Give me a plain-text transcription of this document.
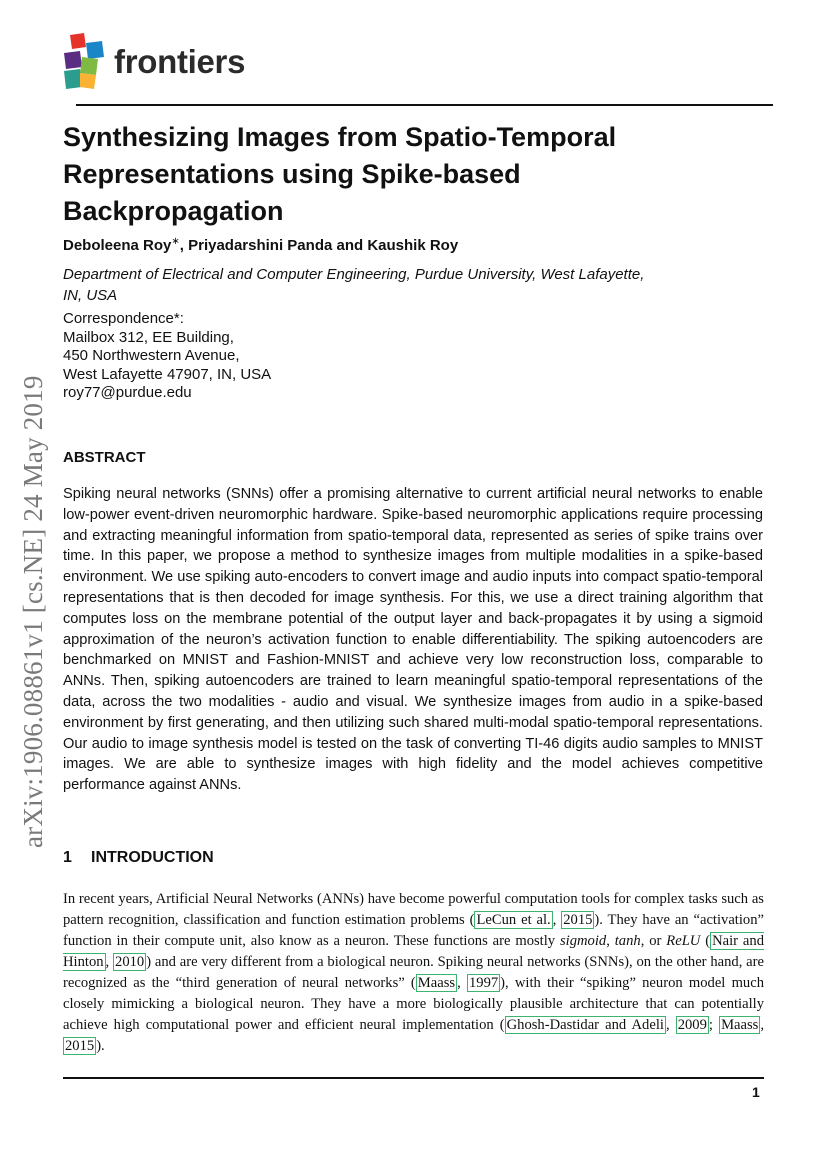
frontiers
Synthesizing Images from Spatio-Temporal Representations using Spike-based Backpropagation
Deboleena Roy∗, Priyadarshini Panda and Kaushik Roy
Department of Electrical and Computer Engineering, Purdue University, West Lafayette, IN, USA
Correspondence*:
Mailbox 312, EE Building,
450 Northwestern Avenue,
West Lafayette 47907, IN, USA
roy77@purdue.edu
arXiv:1906.08861v1 [cs.NE] 24 May 2019 ABSTRACT
Spiking neural networks (SNNs) offer a promising alternative to current artificial neural networks to enable low-power event-driven neuromorphic hardware. Spike-based neuromorphic applications require processing and extracting meaningful information from spatio-temporal data, represented as series of spike trains over time. In this paper, we propose a method to synthesize images from multiple modalities in a spike-based environment. We use spiking auto-encoders to convert image and audio inputs into compact spatio-temporal representations that is then decoded for image synthesis. For this, we use a direct training algorithm that computes loss on the membrane potential of the output layer and back-propagates it by using a sigmoid approximation of the neuron’s activation function to enable differentiability. The spiking autoencoders are benchmarked on MNIST and Fashion-MNIST and achieve very low reconstruction loss, comparable to ANNs. Then, spiking autoencoders are trained to learn meaningful spatio-temporal representations of the data, across the two modalities - audio and visual. We synthesize images from audio in a spike-based environment by first generating, and then utilizing such shared multi-modal spatio-temporal representations. Our audio to image synthesis model is tested on the task of converting TI-46 digits audio samples to MNIST images. We are able to synthesize images with high fidelity and the model achieves competitive performance against ANNs.
1 INTRODUCTION
In recent years, Artificial Neural Networks (ANNs) have become powerful computation tools for complex tasks such as pattern recognition, classification and function estimation problems ( LeCun et al. , 2015 ). They have an “activation” function in their compute unit, also know as a neuron. These functions are mostly sigmoid, tanh, or ReLU ( Nair and Hinton , 2010 ) and are very different from a biological neuron. Spiking neural networks (SNNs), on the other hand, are recognized as the “third generation of neural networks” ( Maass , 1997 ), with their “spiking” neuron model much closely mimicking a biological neuron. They have a more biologically plausible architecture that can potentially achieve high computational power and efficient neural implementation ( Ghosh-Dastidar and Adeli , 2009 ; Maass , 2015 ).
1
